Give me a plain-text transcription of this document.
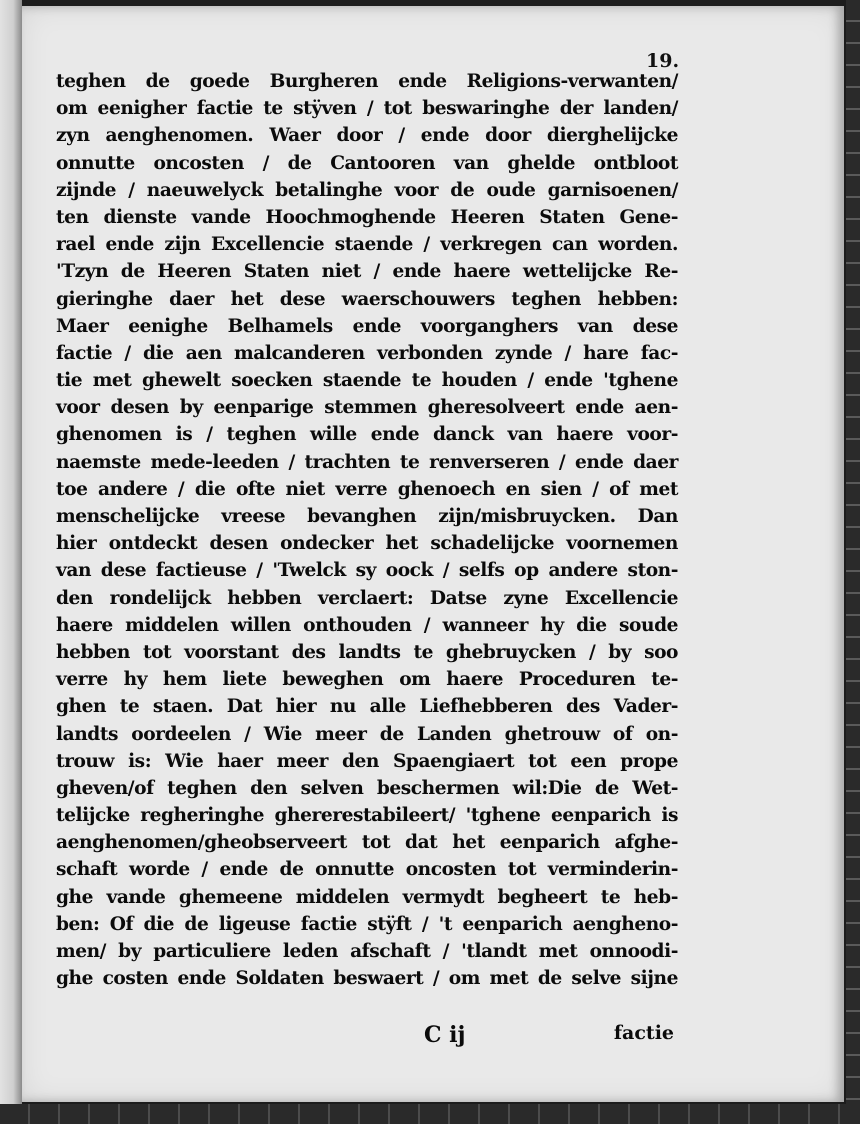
19.
teghen de goede Burgheren ende Religions-verwanten/
om eenigher factie te stÿven / tot beswaringhe der landen/
zyn aenghenomen. Waer door / ende door dierghelijcke
onnutte oncosten / de Cantooren van ghelde ontbloot
zijnde / naeuwelyck betalinghe voor de oude garnisoenen/
ten dienste vande Hoochmoghende Heeren Staten Gene-
rael ende zijn Excellencie staende / verkregen can worden.
'Tzyn de Heeren Staten niet / ende haere wettelijcke Re-
gieringhe daer het dese waerschouwers teghen hebben:
Maer eenighe Belhamels ende voorganghers van dese
factie / die aen malcanderen verbonden zynde / hare fac-
tie met ghewelt soecken staende te houden / ende 'tghene
voor desen by eenparige stemmen gheresolveert ende aen-
ghenomen is / teghen wille ende danck van haere voor-
naemste mede-leeden / trachten te renverseren / ende daer
toe andere / die ofte niet verre ghenoech en sien / of met
menschelijcke vreese bevanghen zijn/misbruycken. Dan
hier ontdeckt desen ondecker het schadelijcke voornemen
van dese factieuse / 'Twelck sy oock / selfs op andere ston-
den rondelijck hebben verclaert: Datse zyne Excellencie
haere middelen willen onthouden / wanneer hy die soude
hebben tot voorstant des landts te ghebruycken / by soo
verre hy hem liete beweghen om haere Proceduren te-
ghen te staen. Dat hier nu alle Liefhebberen des Vader-
landts oordeelen / Wie meer de Landen ghetrouw of on-
trouw is: Wie haer meer den Spaengiaert tot een prope
gheven/of teghen den selven beschermen wil:Die de Wet-
telijcke regheringhe ghererestabileert/ 'tghene eenparich is
aenghenomen/gheobserveert tot dat het eenparich afghe-
schaft worde / ende de onnutte oncosten tot verminderin-
ghe vande ghemeene middelen vermydt begheert te heb-
ben: Of die de ligeuse factie stÿft / 't eenparich aenghenо-
men/ by particuliere leden afschaft / 'tlandt met onnoodi-
ghe costen ende Soldaten beswaert / om met de selve sijne
C ij	factie
